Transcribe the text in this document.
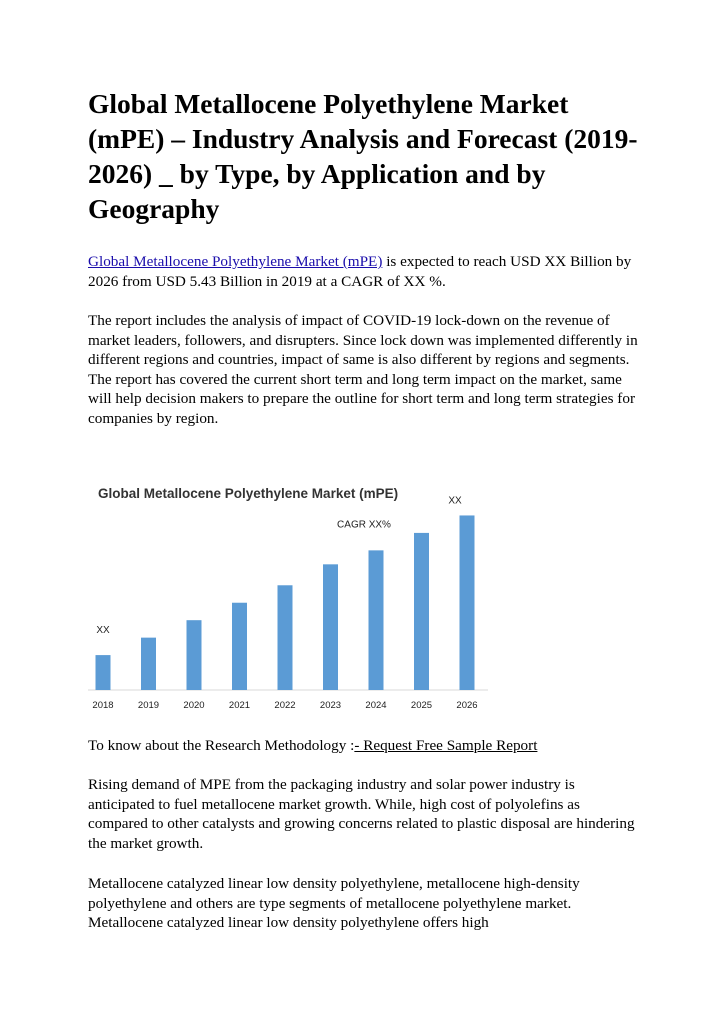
Global Metallocene Polyethylene Market (mPE) – Industry Analysis and Forecast (2019-2026) _ by Type, by Application and by Geography

Global Metallocene Polyethylene Market (mPE) is expected to reach USD XX Billion by 2026 from USD 5.43 Billion in 2019 at a CAGR of XX %.

The report includes the analysis of impact of COVID-19 lock-down on the revenue of market leaders, followers, and disrupters. Since lock down was implemented differently in different regions and countries, impact of same is also different by regions and segments. The report has covered the current short term and long term impact on the market, same will help decision makers to prepare the outline for short term and long term strategies for companies by region.

Global Metallocene Polyethylene Market (mPE)
2018	2019	2020	2021	2022	2023	2024	2025	2026
XX
CAGR XX%
XX

To know about the Research Methodology :- Request Free Sample Report

Rising demand of MPE from the packaging industry and solar power industry is anticipated to fuel metallocene market growth. While, high cost of polyolefins as compared to other catalysts and growing concerns related to plastic disposal are hindering the market growth.

Metallocene catalyzed linear low density polyethylene, metallocene high-density polyethylene and others are type segments of metallocene polyethylene market. Metallocene catalyzed linear low density polyethylene offers high
